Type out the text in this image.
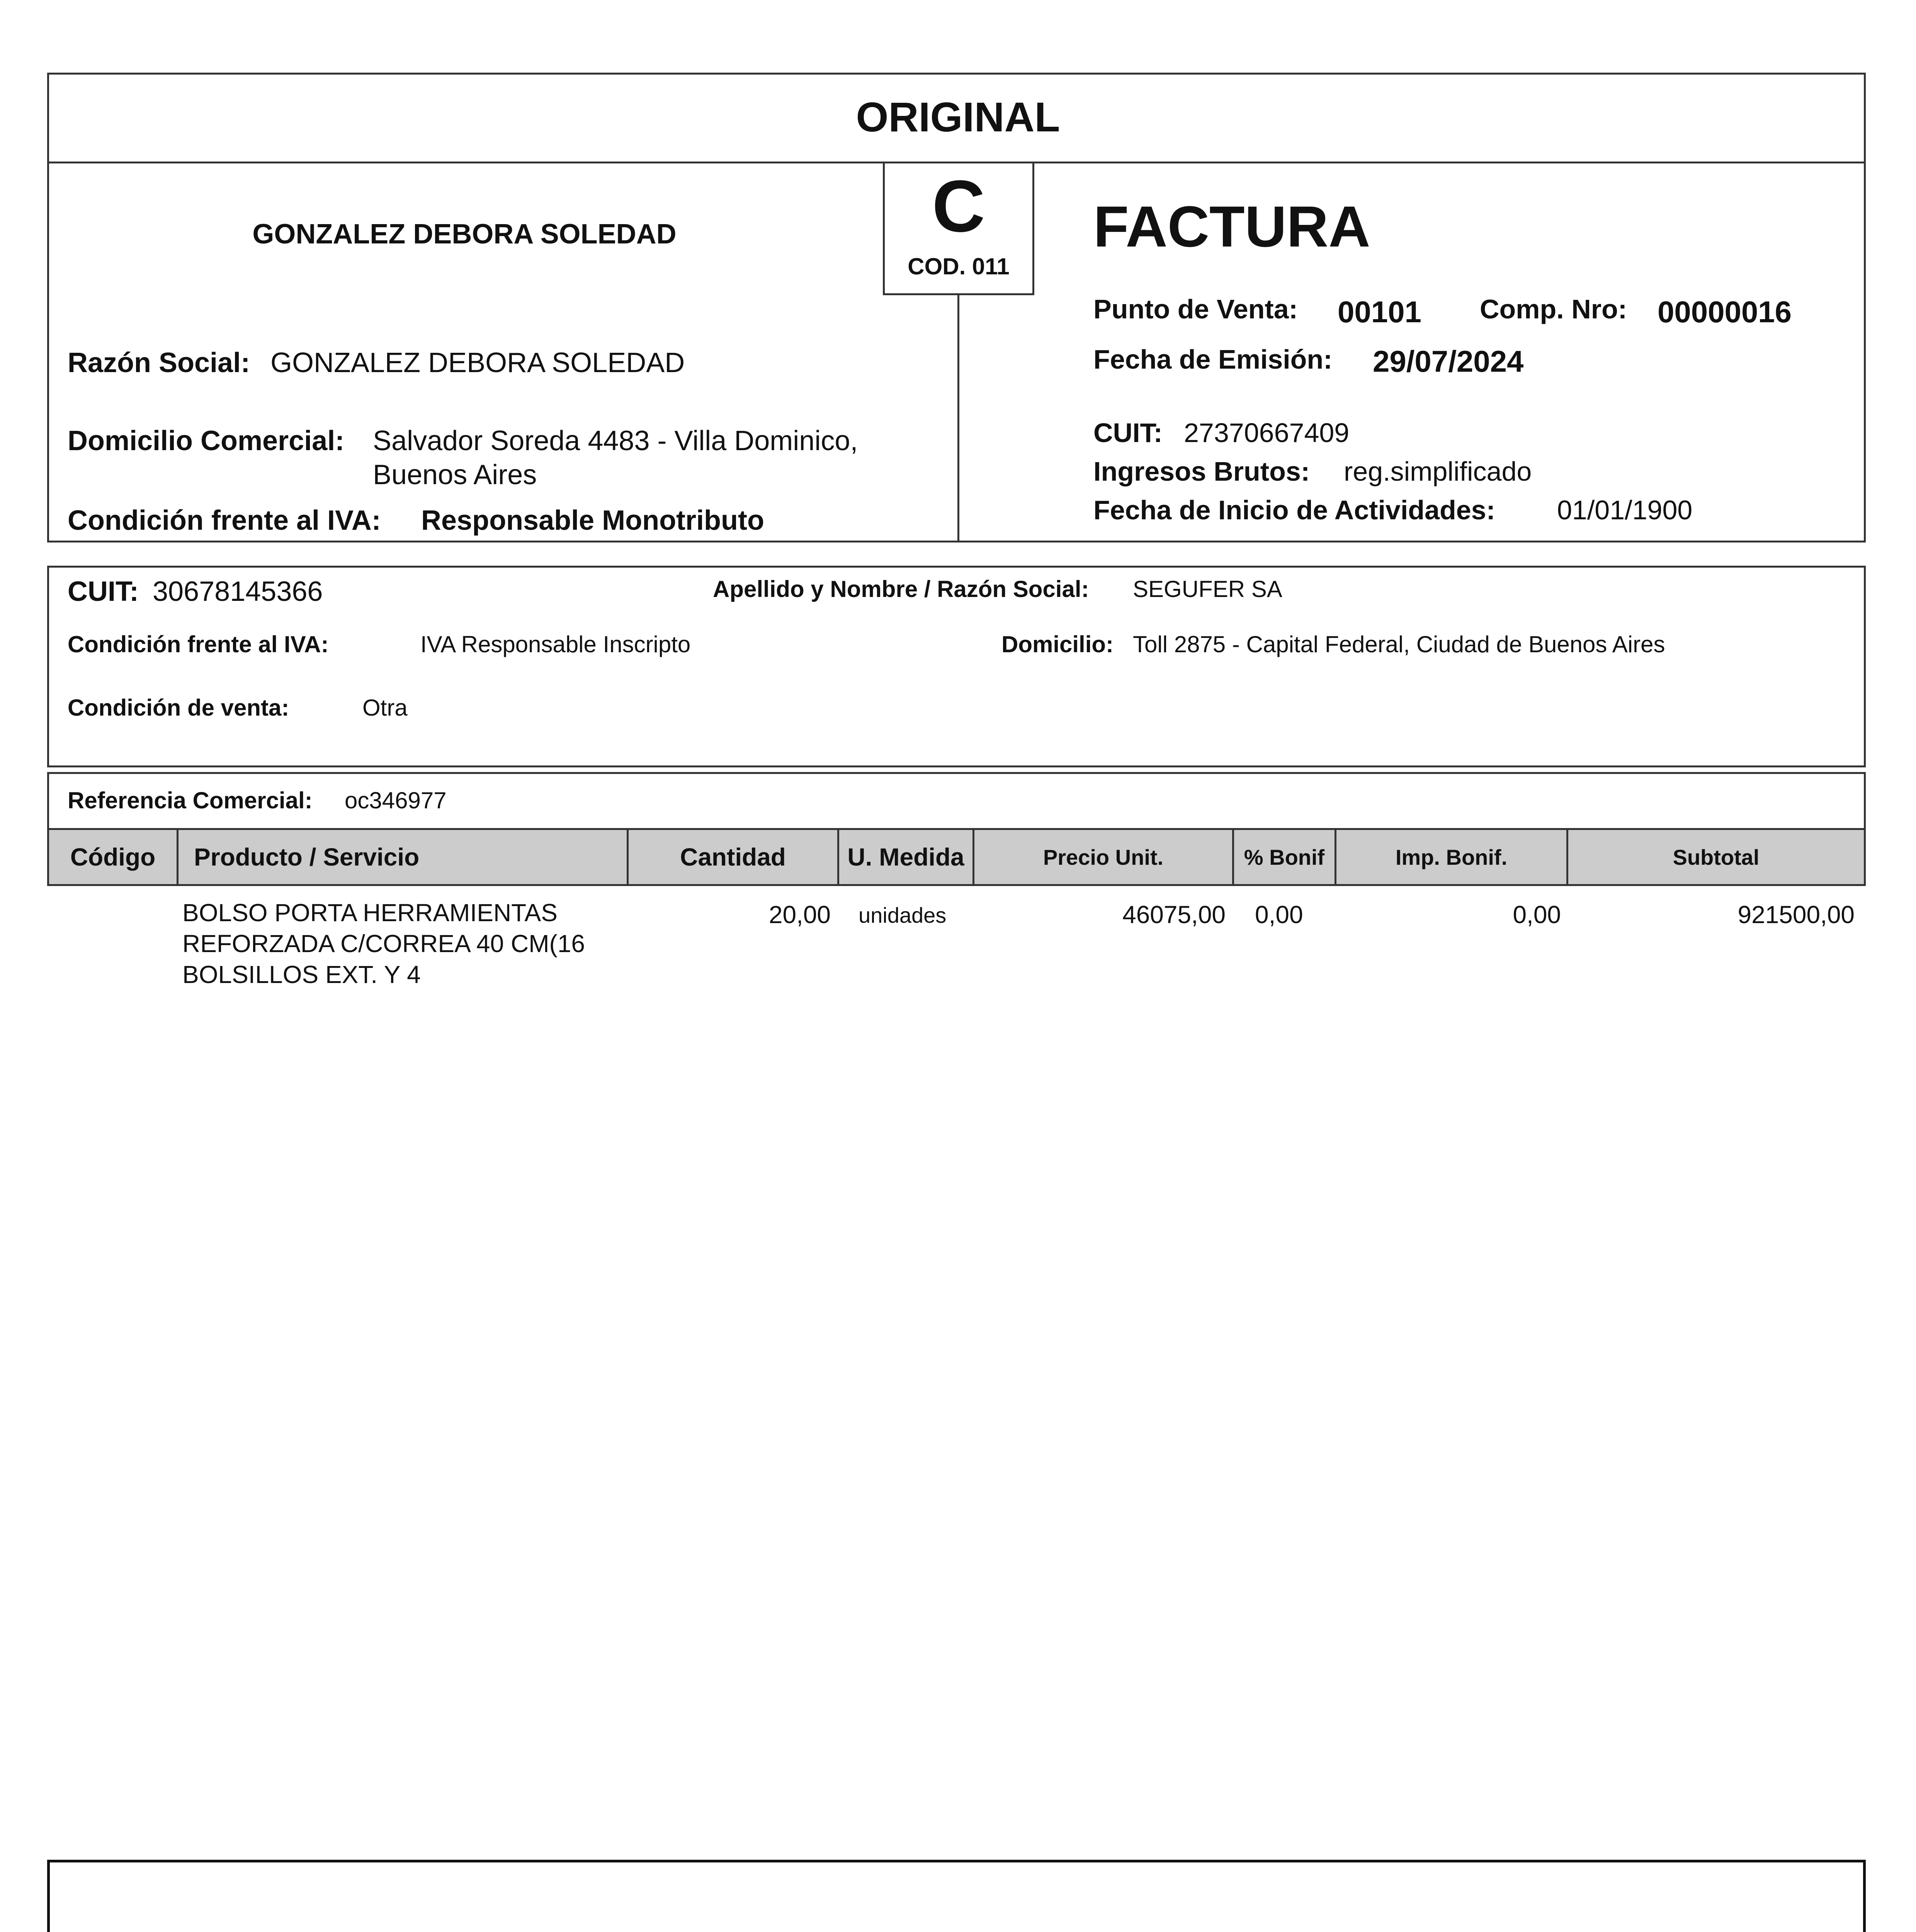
ORIGINAL
C
COD. 011
GONZALEZ DEBORA SOLEDAD
Razón Social: GONZALEZ DEBORA SOLEDAD
Domicilio Comercial: Salvador Soreda 4483 - Villa Dominico,
Buenos Aires
Condición frente al IVA: Responsable Monotributo
FACTURA
Punto de Venta: 00101 Comp. Nro: 00000016
Fecha de Emisión: 29/07/2024
CUIT: 27370667409
Ingresos Brutos: reg.simplificado
Fecha de Inicio de Actividades: 01/01/1900
CUIT: 30678145366	Apellido y Nombre / Razón Social: SEGUFER SA
Condición frente al IVA:	IVA Responsable Inscripto	Domicilio: Toll 2875 - Capital Federal, Ciudad de Buenos Aires
Condición de venta:	Otra
Referencia Comercial: oc346977
Código	Producto / Servicio	Cantidad	U. Medida	Precio Unit.	% Bonif	Imp. Bonif.	Subtotal
BOLSO PORTA HERRAMIENTAS
REFORZADA C/CORREA 40 CM(16
BOLSILLOS EXT. Y 4
20,00 unidades	46075,00 0,00	0,00	921500,00
